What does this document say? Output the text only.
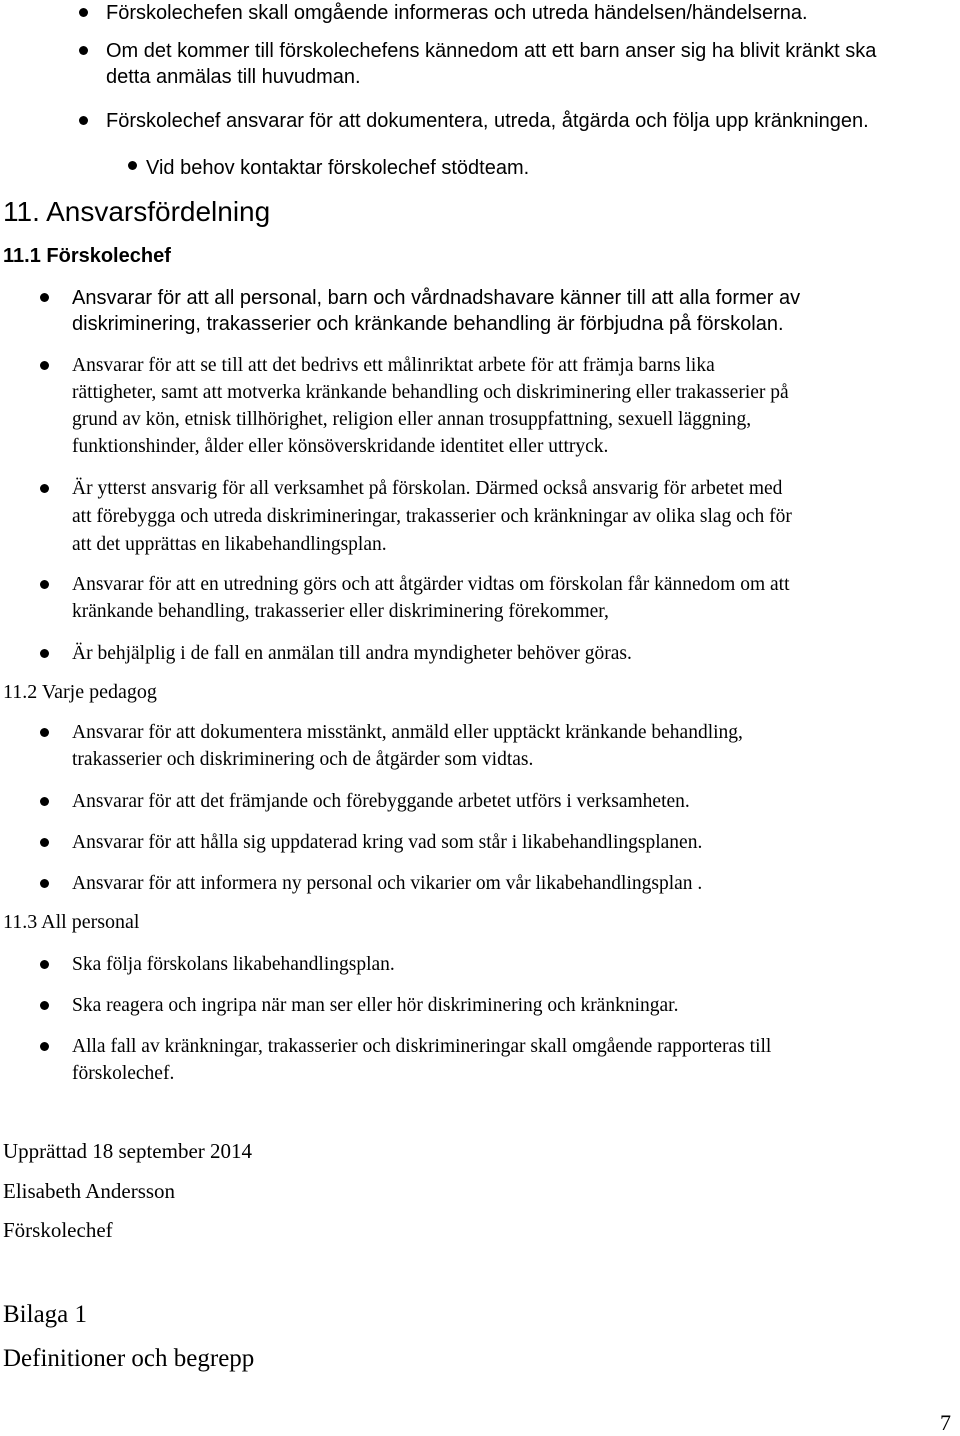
Förskolechefen skall omgående informeras och utreda händelsen/händelserna.
Om det kommer till förskolechefens kännedom att ett barn anser sig ha blivit kränkt ska
detta anmälas till huvudman.
Förskolechef ansvarar för att dokumentera, utreda, åtgärda och följa upp kränkningen.
Vid behov kontaktar förskolechef stödteam.
11. Ansvarsfördelning
11.1 Förskolechef
Ansvarar för att all personal, barn och vårdnadshavare känner till att alla former av
diskriminering, trakasserier och kränkande behandling är förbjudna på förskolan.
Ansvarar för att se till att det bedrivs ett målinriktat arbete för att främja barns lika
rättigheter, samt att motverka kränkande behandling och diskriminering eller trakasserier på
grund av kön, etnisk tillhörighet, religion eller annan trosuppfattning, sexuell läggning,
funktionshinder, ålder eller könsöverskridande identitet eller uttryck.
Är ytterst ansvarig för all verksamhet på förskolan. Därmed också ansvarig för arbetet med
att förebygga och utreda diskrimineringar, trakasserier och kränkningar av olika slag och för
att det upprättas en likabehandlingsplan.
Ansvarar för att en utredning görs och att åtgärder vidtas om förskolan får kännedom om att
kränkande behandling, trakasserier eller diskriminering förekommer,
Är behjälplig i de fall en anmälan till andra myndigheter behöver göras.
11.2 Varje pedagog
Ansvarar för att dokumentera misstänkt, anmäld eller upptäckt kränkande behandling,
trakasserier och diskriminering och de åtgärder som vidtas.
Ansvarar för att det främjande och förebyggande arbetet utförs i verksamheten.
Ansvarar för att hålla sig uppdaterad kring vad som står i likabehandlingsplanen.
Ansvarar för att informera ny personal och vikarier om vår likabehandlingsplan .
11.3 All personal
Ska följa förskolans likabehandlingsplan.
Ska reagera och ingripa när man ser eller hör diskriminering och kränkningar.
Alla fall av kränkningar, trakasserier och diskrimineringar skall omgående rapporteras till
förskolechef.
Upprättad 18 september 2014
Elisabeth Andersson
Förskolechef
Bilaga 1
Definitioner och begrepp
7
